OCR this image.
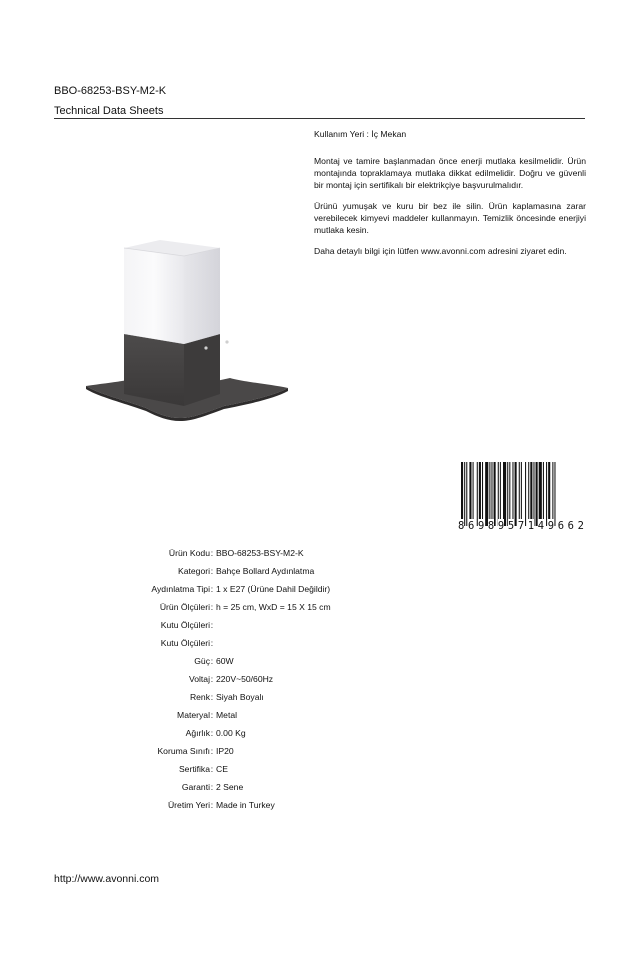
BBO-68253-BSY-M2-K
Technical Data Sheets

Kullanım Yeri : İç Mekan

Montaj ve tamire başlanmadan önce enerji mutlaka kesilmelidir. Ürün montajında topraklamaya mutlaka dikkat edilmelidir. Doğru ve güvenli bir montaj için sertifikalı bir elektrikçiye başvurulmalıdır.

Ürünü yumuşak ve kuru bir bez ile silin. Ürün kaplamasına zarar verebilecek kimyevi maddeler kullanmayın. Temizlik öncesinde enerjiyi mutlaka kesin.

Daha detaylı bilgi için lütfen www.avonni.com adresini ziyaret edin.

8 6 9 8 9 5 7 1 4 9 6 6 2
Ürün Kodu : BBO-68253-BSY-M2-K
Kategori : Bahçe Bollard Aydınlatma
Aydınlatma Tipi : 1 x E27 (Ürüne Dahil Değildir)
Ürün Ölçüleri : h = 25 cm, WxD = 15 X 15 cm
Kutu Ölçüleri :
Kutu Ölçüleri :
Güç : 60W
Voltaj : 220V~50/60Hz
Renk : Siyah Boyalı
Materyal : Metal
Ağırlık : 0.00 Kg
Koruma Sınıfı : IP20
Sertifika : CE
Garanti : 2 Sene
Üretim Yeri : Made in Turkey
http://www.avonni.com
